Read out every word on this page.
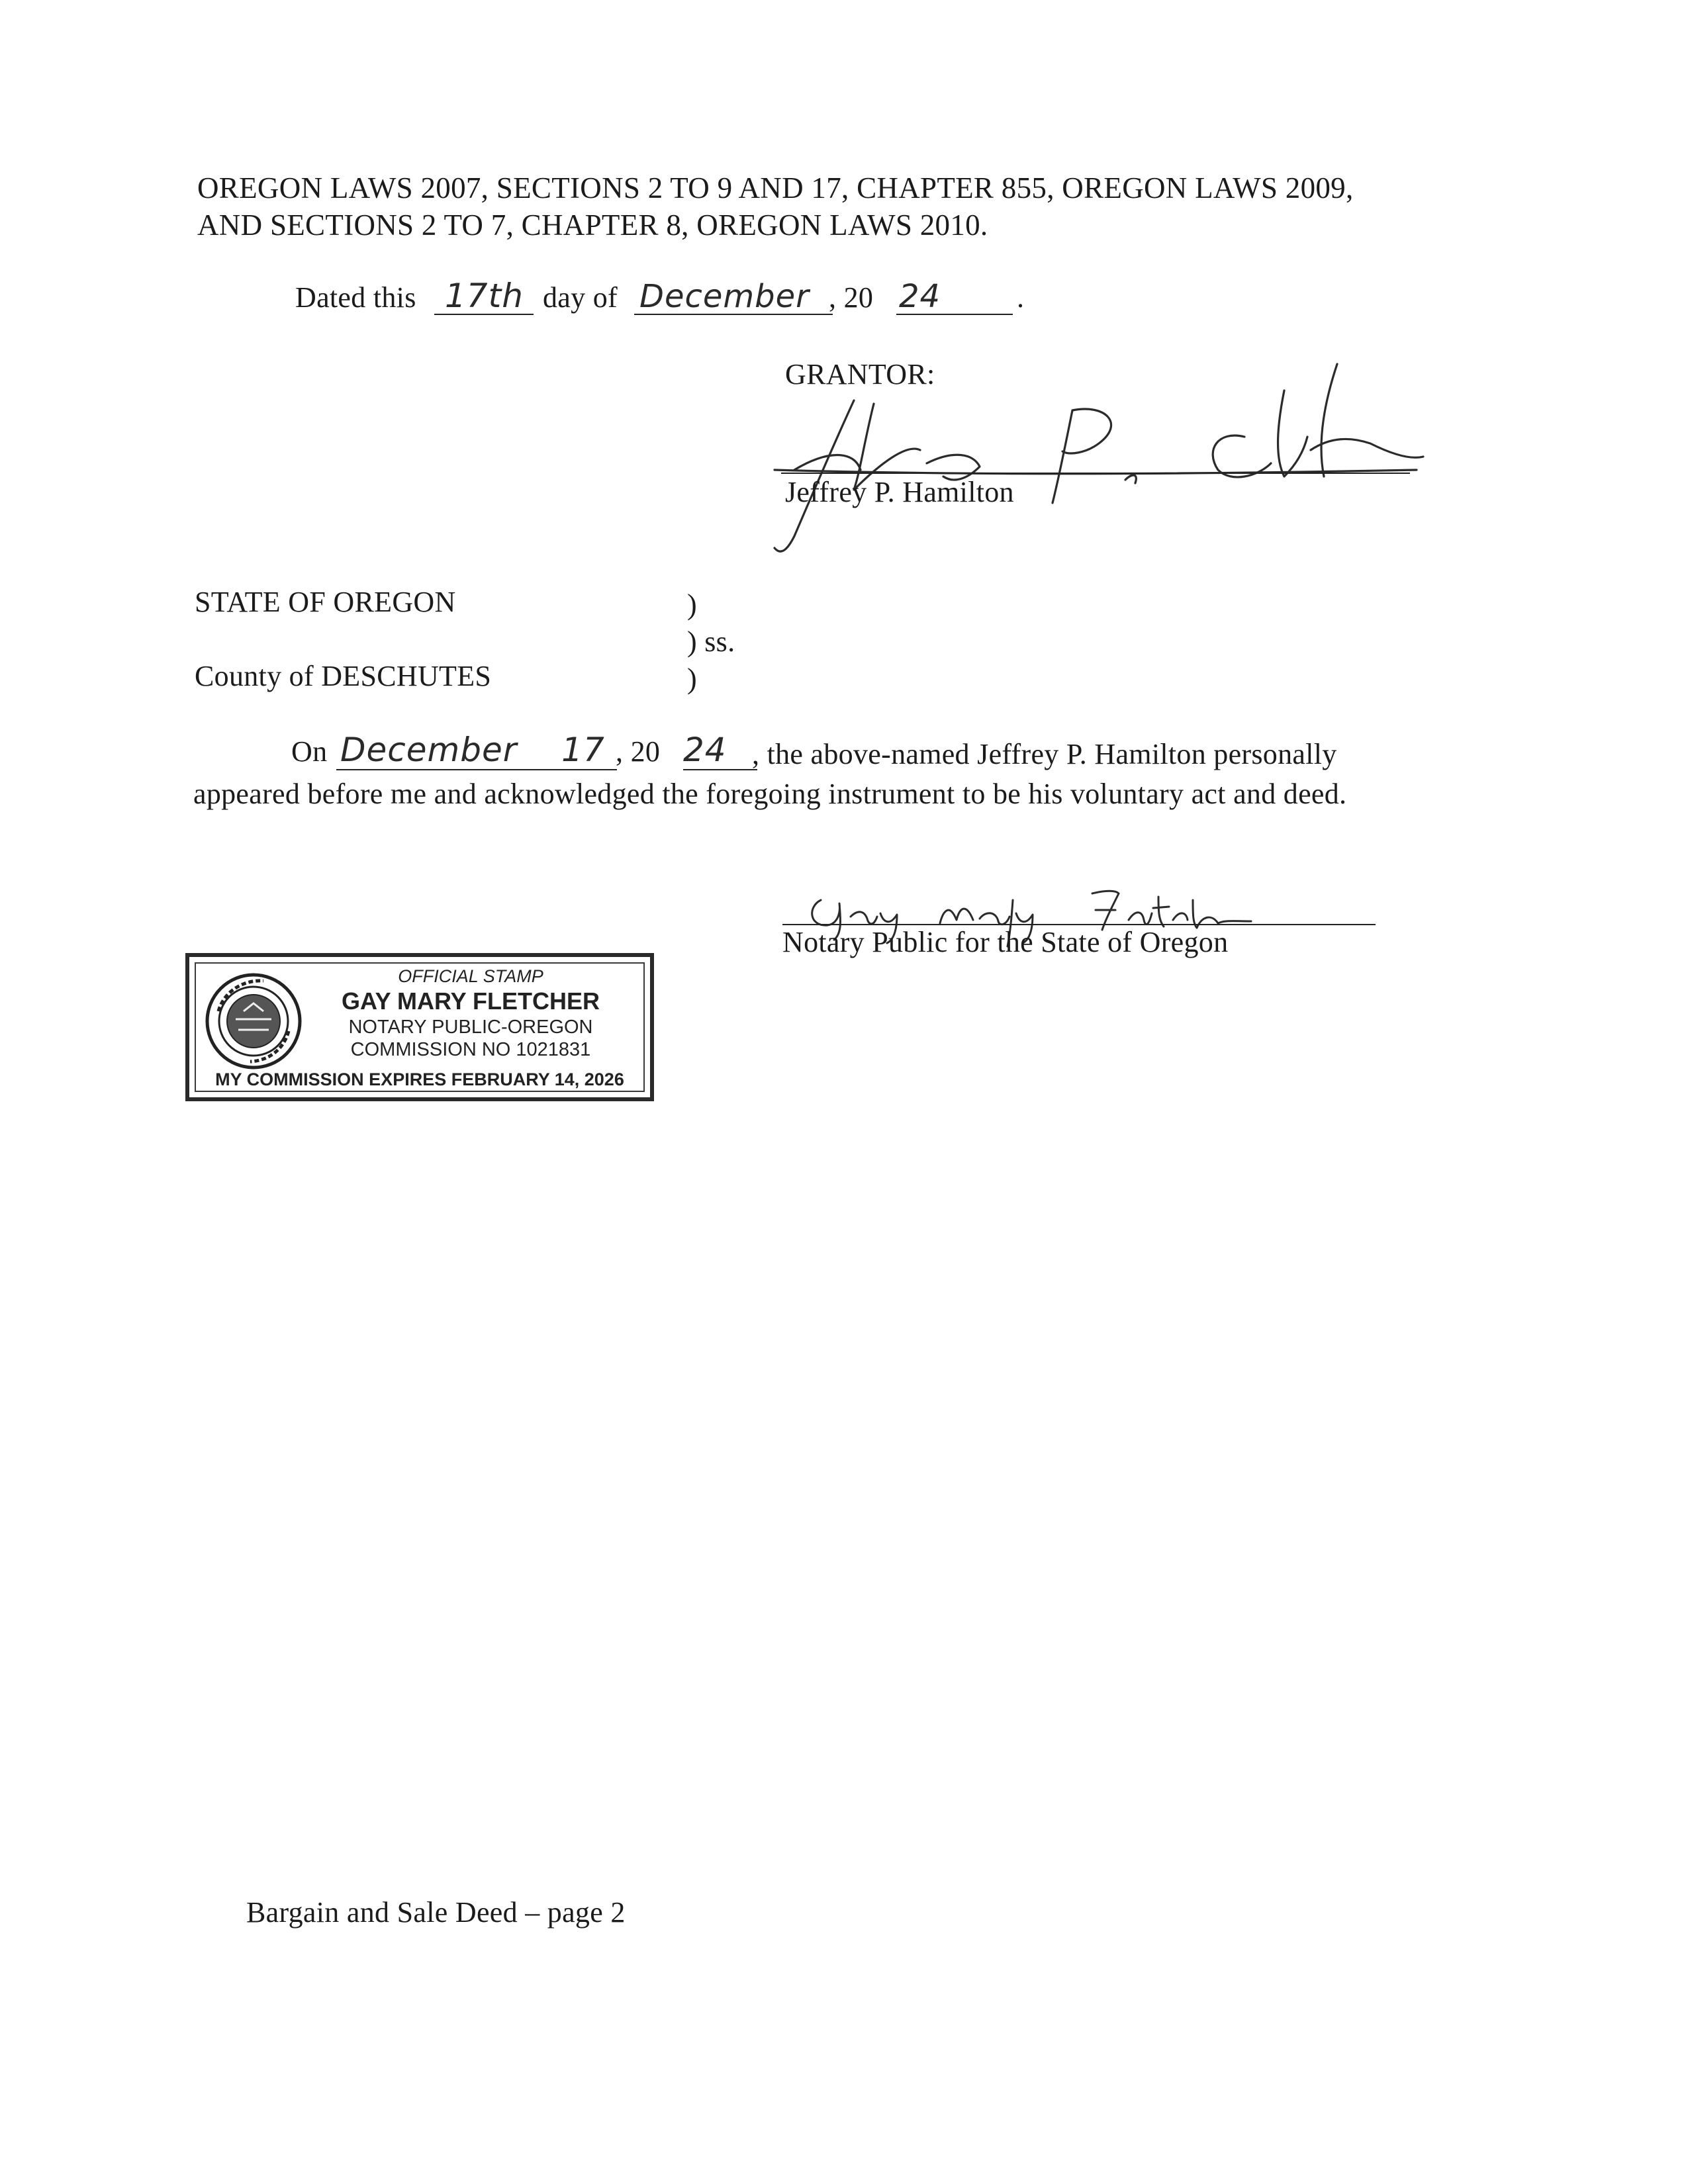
OREGON LAWS 2007, SECTIONS 2 TO 9 AND 17, CHAPTER 855, OREGON LAWS 2009,
AND SECTIONS 2 TO 7, CHAPTER 8, OREGON LAWS 2010.
Dated this 17th day of December , 20 24	.
GRANTOR:
Jeffrey P. Hamilton
STATE OF OREGON	)
) ss.
County of DESCHUTES	)
On December 17 , 20 24 , the above-named Jeffrey P. Hamilton personally
appeared before me and acknowledged the foregoing instrument to be his voluntary act and deed.
Notary Public for the State of Oregon
OFFICIAL STAMP
GAY MARY FLETCHER
NOTARY PUBLIC-OREGON
COMMISSION NO 1021831
MY COMMISSION EXPIRES FEBRUARY 14, 2026
Bargain and Sale Deed – page 2
